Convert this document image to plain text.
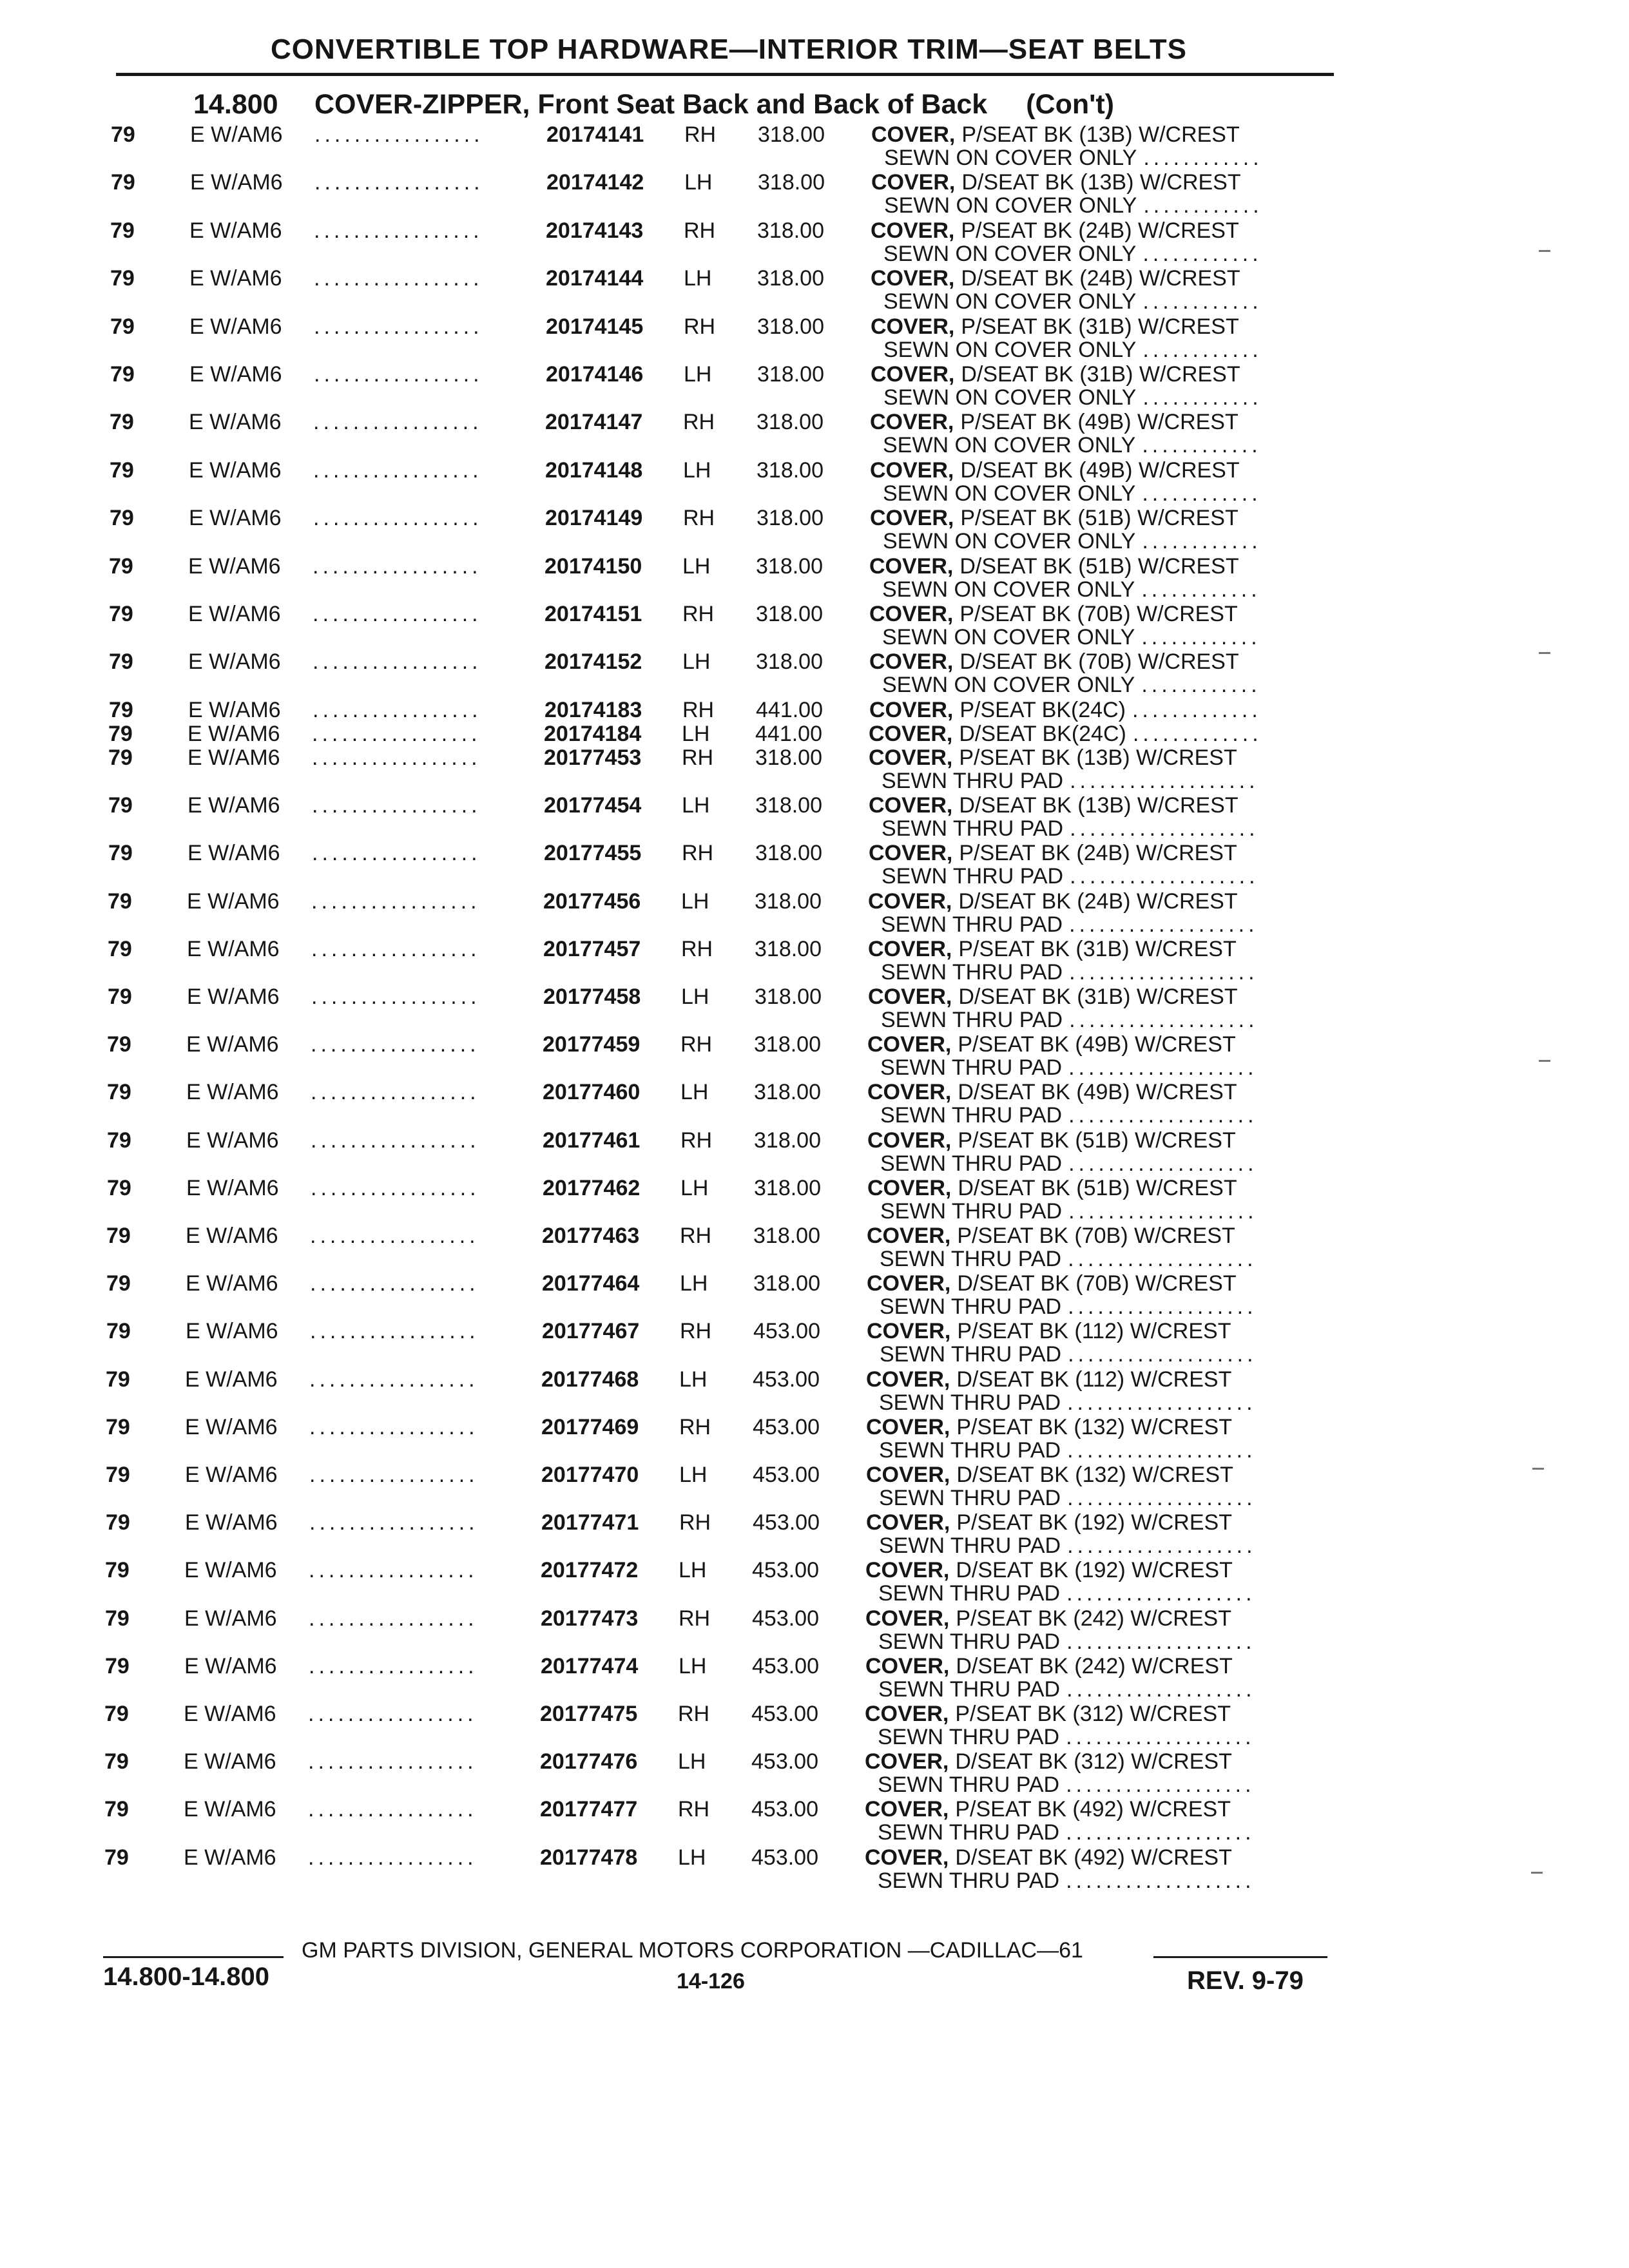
CONVERTIBLE TOP HARDWARE—INTERIOR TRIM—SEAT BELTS
14.800 COVER-ZIPPER, Front Seat Back and Back of Back (Con't)
79	E W/AM6 .................	20174141 RH 318.00 COVER, P/SEAT BK (13B) W/CREST
SEWN ON COVER ONLY ............
79	E W/AM6 .................	20174142 LH 318.00 COVER, D/SEAT BK (13B) W/CREST
SEWN ON COVER ONLY ............
79	E W/AM6 .................	20174143 RH 318.00 COVER, P/SEAT BK (24B) W/CREST
SEWN ON COVER ONLY ............
79	E W/AM6 .................	20174144 LH 318.00 COVER, D/SEAT BK (24B) W/CREST
SEWN ON COVER ONLY ............
79	E W/AM6 .................	20174145 RH 318.00 COVER, P/SEAT BK (31B) W/CREST
SEWN ON COVER ONLY ............
79	E W/AM6 .................	20174146 LH 318.00 COVER, D/SEAT BK (31B) W/CREST
SEWN ON COVER ONLY ............
79	E W/AM6 .................	20174147 RH 318.00 COVER, P/SEAT BK (49B) W/CREST
SEWN ON COVER ONLY ............
79	E W/AM6 .................	20174148 LH 318.00 COVER, D/SEAT BK (49B) W/CREST
SEWN ON COVER ONLY ............
79	E W/AM6 .................	20174149 RH 318.00 COVER, P/SEAT BK (51B) W/CREST
SEWN ON COVER ONLY ............
79	E W/AM6 .................	20174150 LH 318.00 COVER, D/SEAT BK (51B) W/CREST
SEWN ON COVER ONLY ............
79	E W/AM6 .................	20174151 RH 318.00 COVER, P/SEAT BK (70B) W/CREST
SEWN ON COVER ONLY ............
79	E W/AM6 .................	20174152 LH 318.00 COVER, D/SEAT BK (70B) W/CREST
SEWN ON COVER ONLY ............
79	E W/AM6 .................	20174183 RH 441.00 COVER, P/SEAT BK(24C) .............
79	E W/AM6 .................	20174184 LH 441.00 COVER, D/SEAT BK(24C) .............
79	E W/AM6 .................	20177453 RH 318.00 COVER, P/SEAT BK (13B) W/CREST
SEWN THRU PAD ...................
79	E W/AM6 .................	20177454 LH 318.00 COVER, D/SEAT BK (13B) W/CREST
SEWN THRU PAD ...................
79	E W/AM6 .................	20177455 RH 318.00 COVER, P/SEAT BK (24B) W/CREST
SEWN THRU PAD ...................
79	E W/AM6 .................	20177456 LH 318.00 COVER, D/SEAT BK (24B) W/CREST
SEWN THRU PAD ...................
79	E W/AM6 .................	20177457 RH 318.00 COVER, P/SEAT BK (31B) W/CREST
SEWN THRU PAD ...................
79	E W/AM6 .................	20177458 LH 318.00 COVER, D/SEAT BK (31B) W/CREST
SEWN THRU PAD ...................
79	E W/AM6 .................	20177459 RH 318.00 COVER, P/SEAT BK (49B) W/CREST
SEWN THRU PAD ...................
79	E W/AM6 .................	20177460 LH 318.00 COVER, D/SEAT BK (49B) W/CREST
SEWN THRU PAD ...................
79	E W/AM6 .................	20177461 RH 318.00 COVER, P/SEAT BK (51B) W/CREST
SEWN THRU PAD ...................
79	E W/AM6 .................	20177462 LH 318.00 COVER, D/SEAT BK (51B) W/CREST
SEWN THRU PAD ...................
79	E W/AM6 .................	20177463 RH 318.00 COVER, P/SEAT BK (70B) W/CREST
SEWN THRU PAD ...................
79	E W/AM6 .................	20177464 LH 318.00 COVER, D/SEAT BK (70B) W/CREST
SEWN THRU PAD ...................
79	E W/AM6 .................	20177467 RH 453.00 COVER, P/SEAT BK (112) W/CREST
SEWN THRU PAD ...................
79	E W/AM6 .................	20177468 LH 453.00 COVER, D/SEAT BK (112) W/CREST
SEWN THRU PAD ...................
79	E W/AM6 .................	20177469 RH 453.00 COVER, P/SEAT BK (132) W/CREST
SEWN THRU PAD ...................
79	E W/AM6 .................	20177470 LH 453.00 COVER, D/SEAT BK (132) W/CREST
SEWN THRU PAD ...................
79	E W/AM6 .................	20177471 RH 453.00 COVER, P/SEAT BK (192) W/CREST
SEWN THRU PAD ...................
79	E W/AM6 .................	20177472 LH 453.00 COVER, D/SEAT BK (192) W/CREST
SEWN THRU PAD ...................
79	E W/AM6 .................	20177473 RH 453.00 COVER, P/SEAT BK (242) W/CREST
SEWN THRU PAD ...................
79	E W/AM6 .................	20177474 LH 453.00 COVER, D/SEAT BK (242) W/CREST
SEWN THRU PAD ...................
79	E W/AM6 .................	20177475 RH 453.00 COVER, P/SEAT BK (312) W/CREST
SEWN THRU PAD ...................
79	E W/AM6 .................	20177476 LH 453.00 COVER, D/SEAT BK (312) W/CREST
SEWN THRU PAD ...................
79	E W/AM6 .................	20177477 RH 453.00 COVER, P/SEAT BK (492) W/CREST
SEWN THRU PAD ...................
79	E W/AM6 .................	20177478 LH 453.00 COVER, D/SEAT BK (492) W/CREST
SEWN THRU PAD ...................
GM PARTS DIVISION, GENERAL MOTORS CORPORATION —CADILLAC—61
14.800-14.800	14-126	REV. 9-79
